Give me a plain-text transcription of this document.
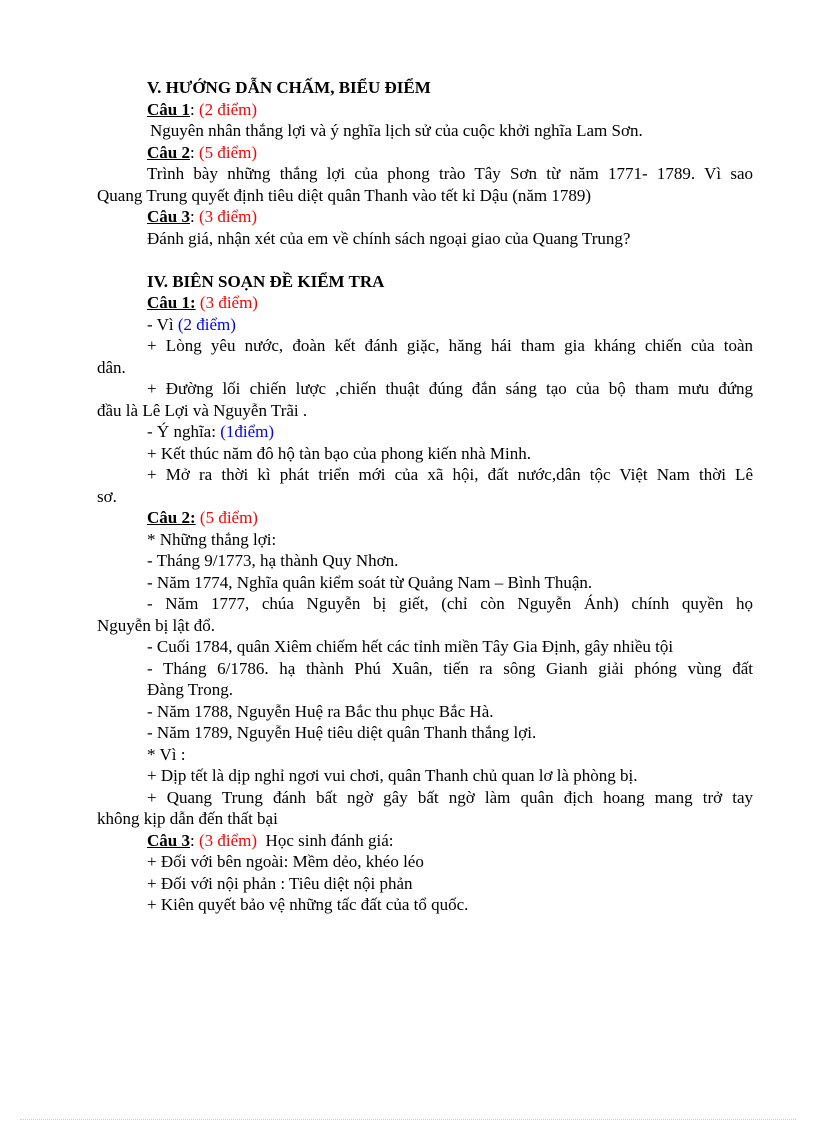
V. HƯỚNG DẪN CHẤM, BIỂU ĐIỂM
Câu 1: (2 điểm)
Nguyên nhân thắng lợi và ý nghĩa lịch sử của cuộc khởi nghĩa Lam Sơn.
Câu 2: (5 điểm)
Trình bày những thắng lợi của phong trào Tây Sơn từ năm 1771- 1789. Vì sao
Quang Trung quyết định tiêu diệt quân Thanh vào tết kỉ Dậu (năm 1789)
Câu 3: (3 điểm)
Đánh giá, nhận xét của em về chính sách ngoại giao của Quang Trung?
IV. BIÊN SOẠN ĐỀ KIỂM TRA
Câu 1: (3 điểm)
- Vì (2 điểm)
+ Lòng yêu nước, đoàn kết đánh giặc, hăng hái tham gia kháng chiến của toàn
dân.
+ Đường lối chiến lược ,chiến thuật đúng đắn sáng tạo của bộ tham mưu đứng
đầu là Lê Lợi và Nguyễn Trãi .
- Ý nghĩa: (1điểm)
+ Kết thúc năm đô hộ tàn bạo của phong kiến nhà Minh.
+ Mở ra thời kì phát triển mới của xã hội, đất nước,dân tộc Việt Nam thời Lê
sơ.
Câu 2: (5 điểm)
* Những thắng lợi:
- Tháng 9/1773, hạ thành Quy Nhơn.
- Năm 1774, Nghĩa quân kiểm soát từ Quảng Nam – Bình Thuận.
- Năm 1777, chúa Nguyễn bị giết, (chỉ còn Nguyễn Ánh) chính quyền họ
Nguyễn bị lật đổ.
- Cuối 1784, quân Xiêm chiếm hết các tỉnh miền Tây Gia Định, gây nhiều tội
- Tháng 6/1786. hạ thành Phú Xuân, tiến ra sông Gianh giải phóng vùng đất
Đàng Trong.
- Năm 1788, Nguyễn Huệ ra Bắc thu phục Bắc Hà.
- Năm 1789, Nguyễn Huệ tiêu diệt quân Thanh thắng lợi.
* Vì :
+ Dịp tết là dịp nghỉ ngơi vui chơi, quân Thanh chủ quan lơ là phòng bị.
+ Quang Trung đánh bất ngờ gây bất ngờ làm quân địch hoang mang trở tay
không kịp dẫn đến thất bại
Câu 3: (3 điểm) Học sinh đánh giá:
+ Đối với bên ngoài: Mềm dẻo, khéo léo
+ Đối với nội phản : Tiêu diệt nội phản
+ Kiên quyết bảo vệ những tấc đất của tổ quốc.
